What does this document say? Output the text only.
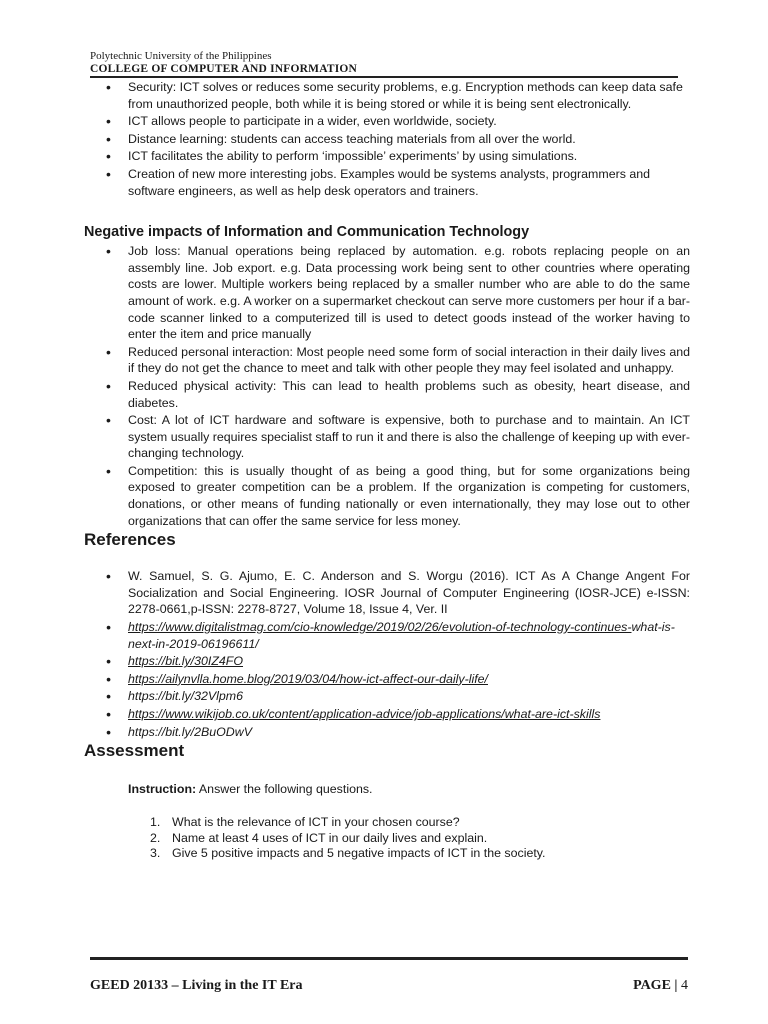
Polytechnic University of the Philippines
COLLEGE OF COMPUTER AND INFORMATION
• Security: ICT solves or reduces some security problems, e.g. Encryption methods can keep data safe from unauthorized people, both while it is being stored or while it is being sent electronically.
• ICT allows people to participate in a wider, even worldwide, society.
• Distance learning: students can access teaching materials from all over the world.
• ICT facilitates the ability to perform ‘impossible’ experiments’ by using simulations.
• Creation of new more interesting jobs. Examples would be systems analysts, programmers and software engineers, as well as help desk operators and trainers.
Negative impacts of Information and Communication Technology
• Job loss: Manual operations being replaced by automation. e.g. robots replacing people on an assembly line. Job export. e.g. Data processing work being sent to other countries where operating costs are lower. Multiple workers being replaced by a smaller number who are able to do the same amount of work. e.g. A worker on a supermarket checkout can serve more customers per hour if a bar-code scanner linked to a computerized till is used to detect goods instead of the worker having to enter the item and price manually
• Reduced personal interaction: Most people need some form of social interaction in their daily lives and if they do not get the chance to meet and talk with other people they may feel isolated and unhappy.
• Reduced physical activity: This can lead to health problems such as obesity, heart disease, and diabetes.
• Cost: A lot of ICT hardware and software is expensive, both to purchase and to maintain. An ICT system usually requires specialist staff to run it and there is also the challenge of keeping up with ever-changing technology.
• Competition: this is usually thought of as being a good thing, but for some organizations being exposed to greater competition can be a problem. If the organization is competing for customers, donations, or other means of funding nationally or even internationally, they may lose out to other organizations that can offer the same service for less money.
References
• W. Samuel, S. G. Ajumo, E. C. Anderson and S. Worgu (2016). ICT As A Change Angent For Socialization and Social Engineering. IOSR Journal of Computer Engineering (IOSR-JCE) e-ISSN: 2278-0661,p-ISSN: 2278-8727, Volume 18, Issue 4, Ver. II
• https://www.digitalistmag.com/cio-knowledge/2019/02/26/evolution-of-technology-continues-what-is-next-in-2019-06196611/
• https://bit.ly/30IZ4FO
• https://ailynvlla.home.blog/2019/03/04/how-ict-affect-our-daily-life/
• https://bit.ly/32Vlpm6
• https://www.wikijob.co.uk/content/application-advice/job-applications/what-are-ict-skills
• https://bit.ly/2BuODwV
Assessment
Instruction: Answer the following questions.
1. What is the relevance of ICT in your chosen course?
2. Name at least 4 uses of ICT in our daily lives and explain.
3. Give 5 positive impacts and 5 negative impacts of ICT in the society.
GEED 20133 – Living in the IT Era	PAGE | 4
